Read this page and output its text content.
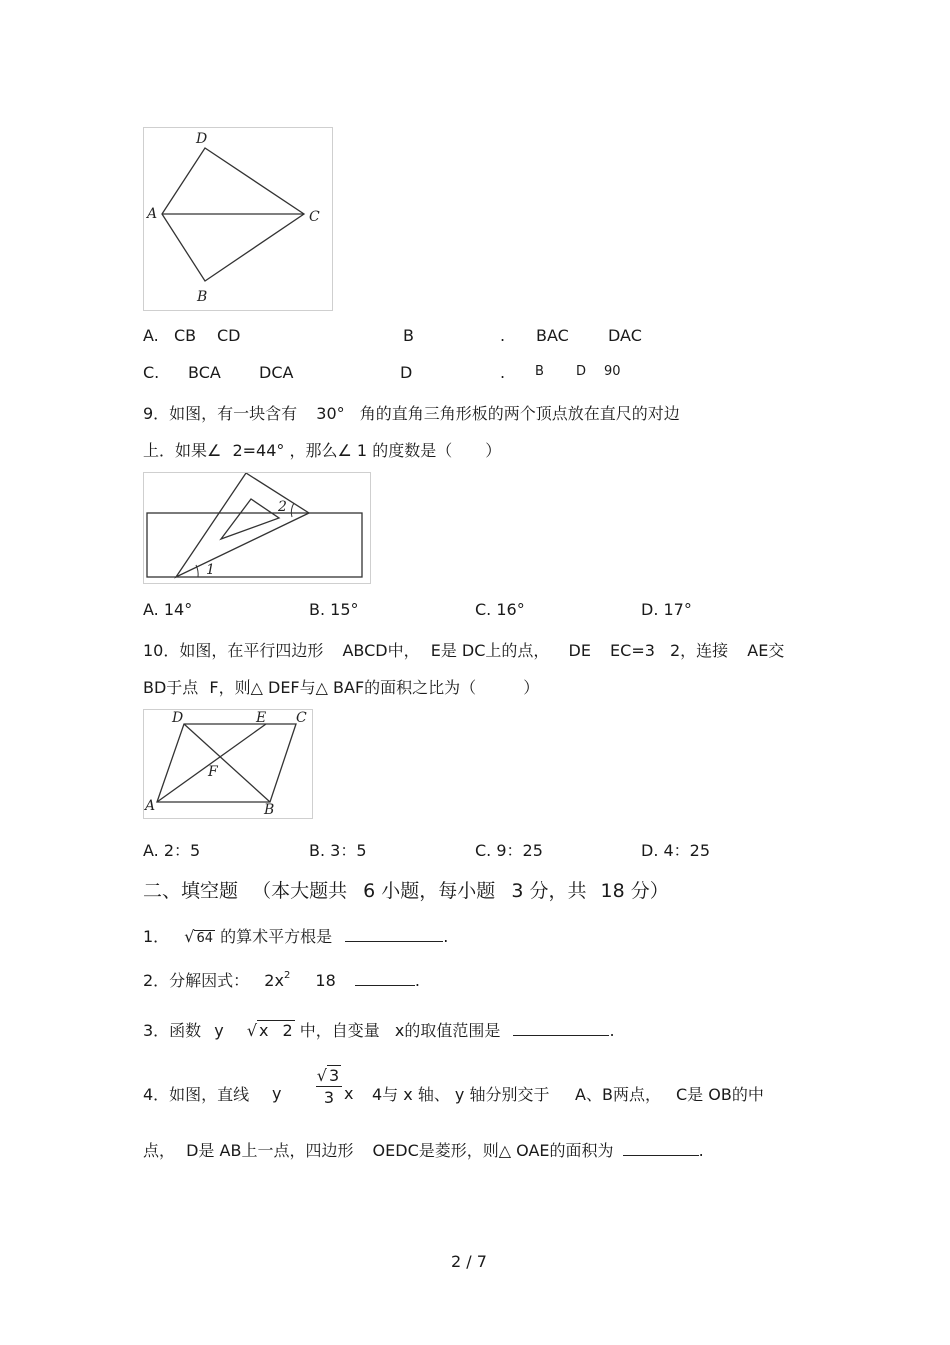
D
A	C
B
A. CB CD	B	. BAC DAC
C. BCA DCA	D	. B D 90
9．如图，有一块含有 30° 角的直角三角形板的两个顶点放在直尺的对边
上．如果∠ 2=44° ，那么∠ 1 的度数是（ ）
1
2
A. 14°	B. 15°	C. 16°	D. 17°
10．如图，在平行四边形 ABCD中， E是 DC上的点， DE EC=3 2，连接 AE交
BD于点 F，则△ DEF与△ BAF的面积之比为（	）
D	E C
F
A	B
A. 2：5	B. 3：5	C. 9：25	D. 4：25
二、填空题 （本大题共 6 小题，每小题 3 分，共 18 分）
1． √ 64 的算术平方根是	.
2．分解因式： $2x^2$ 18	.
3．函数 y √ x 2 中，自变量 x的取值范围是	.
4．如图，直线 y
√ 3
3 x 4与 x 轴、 y 轴分别交于 A、 B两点， C是 OB的中
点， D是 AB上一点，四边形 OEDC是菱形，则△ OAE的面积为	.
2 / 7
